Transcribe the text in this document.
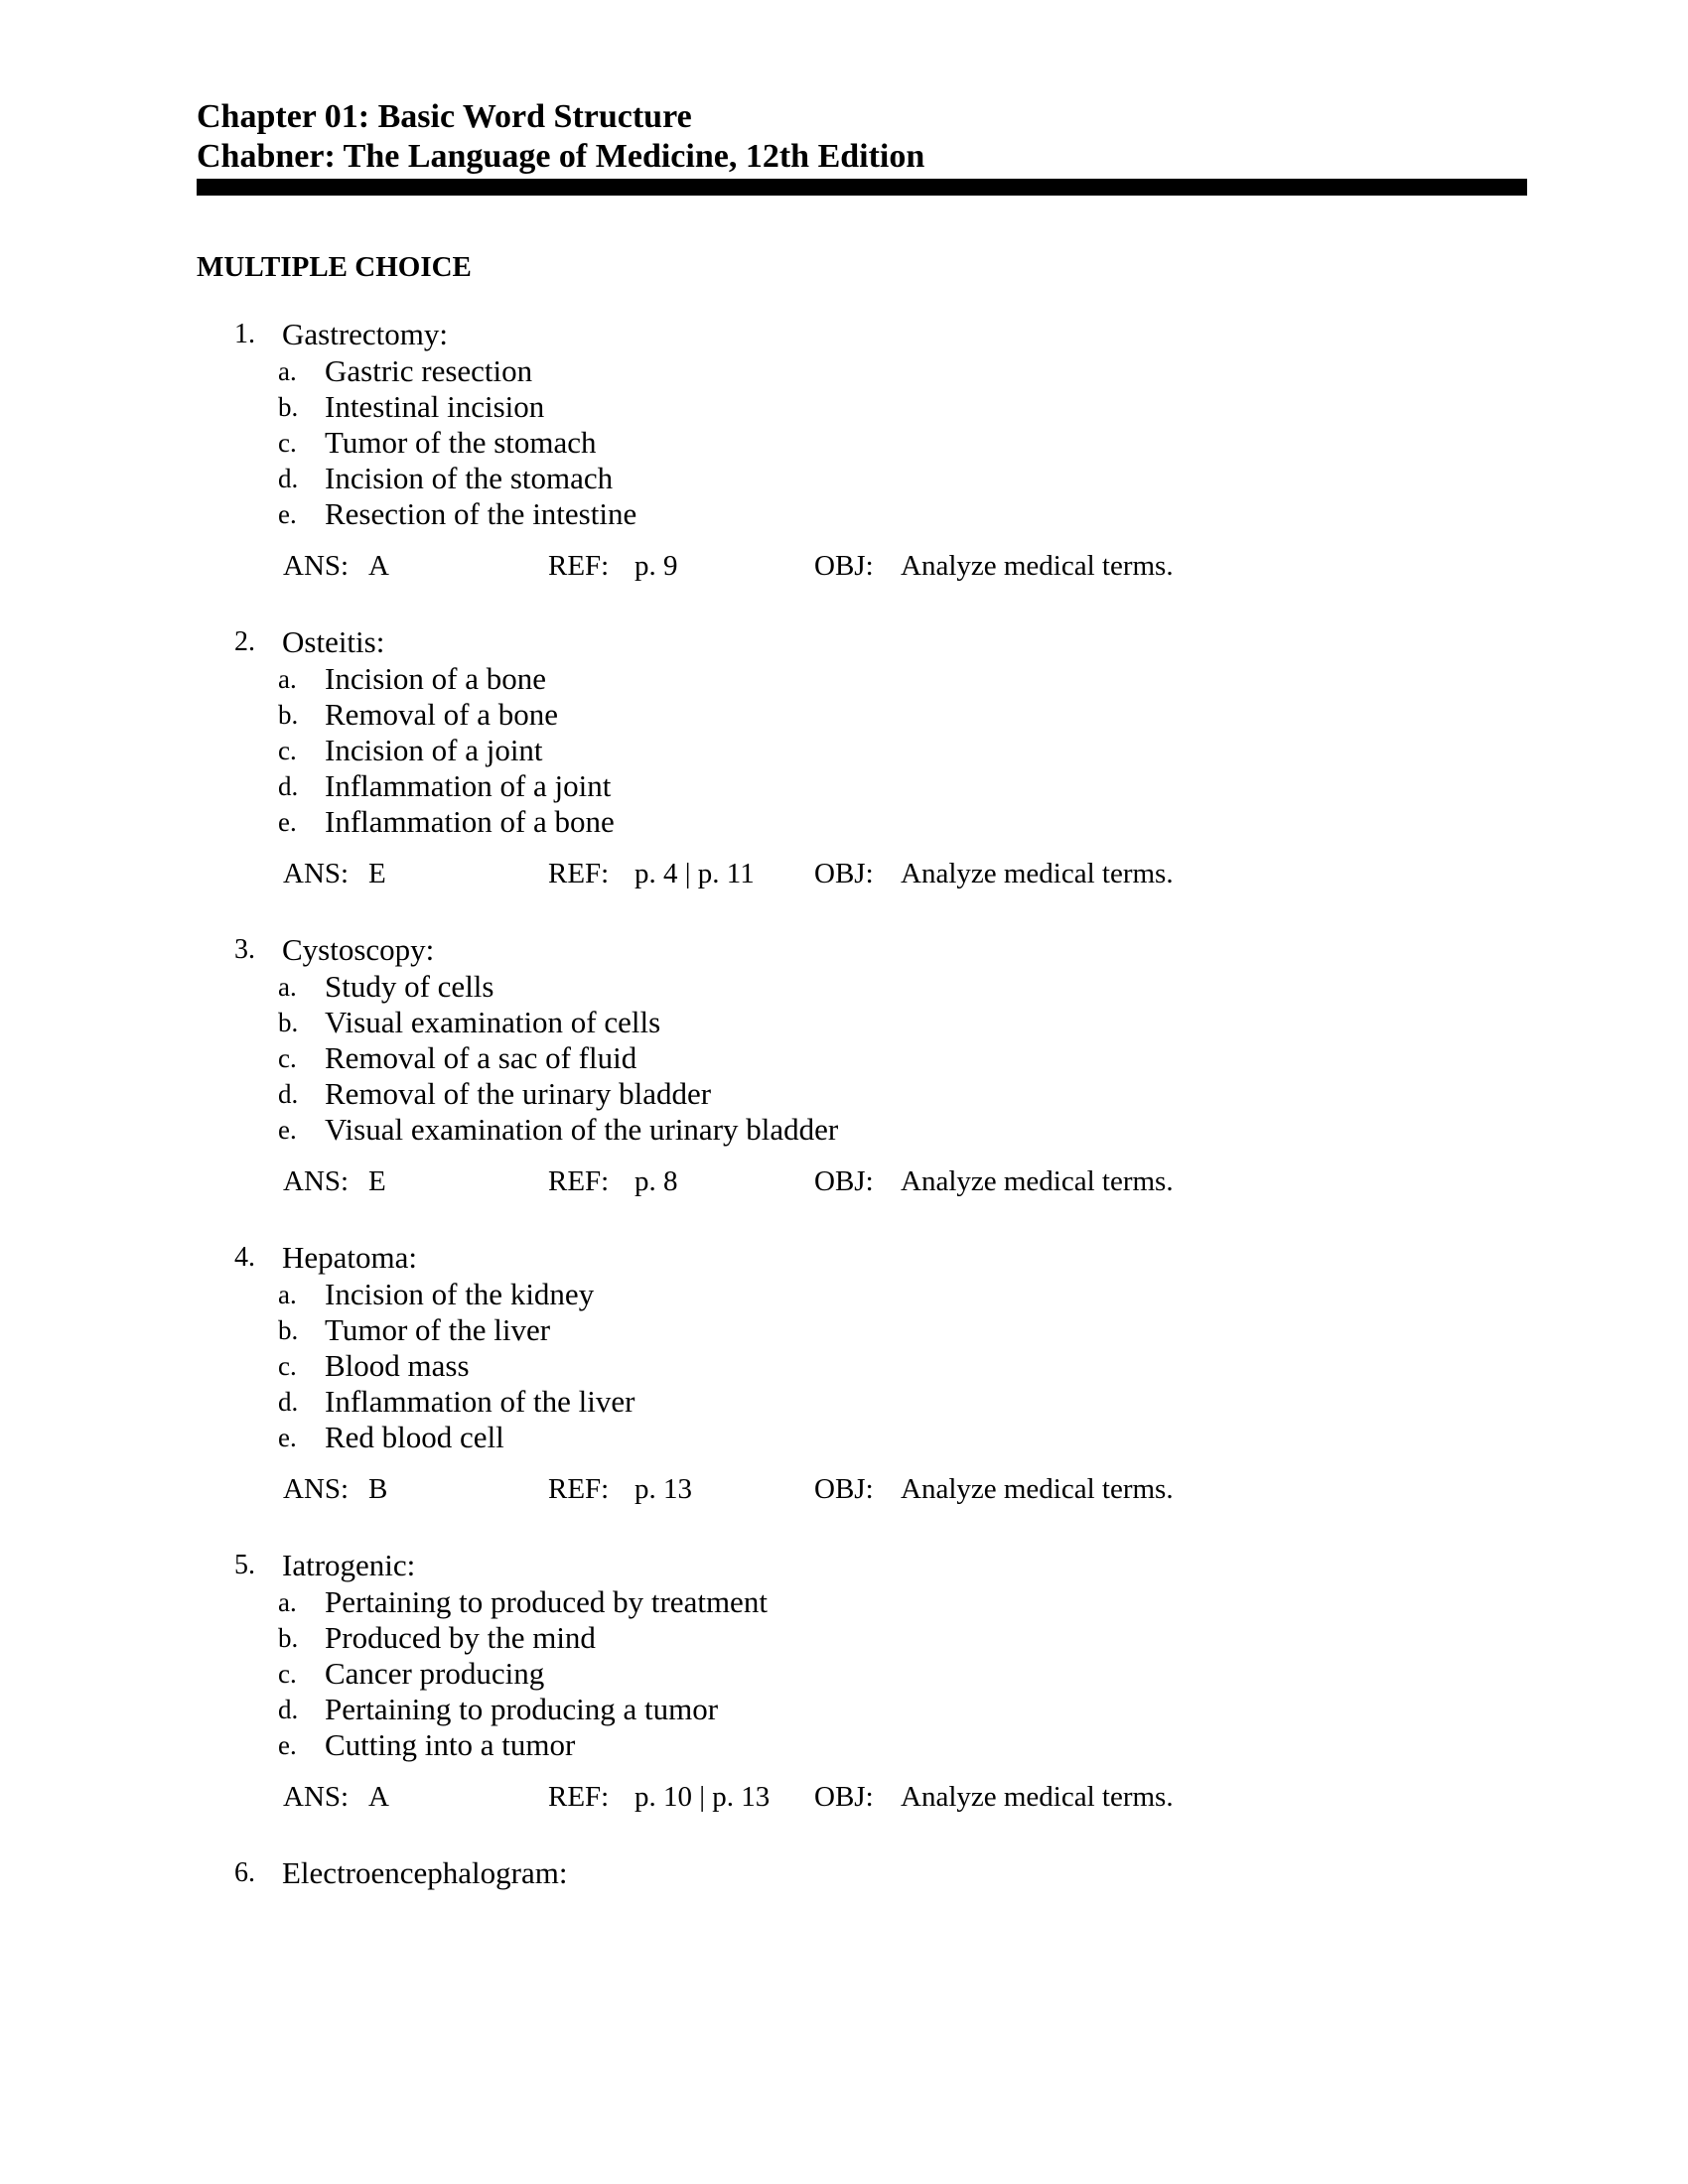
Chapter 01: Basic Word Structure
Chabner: The Language of Medicine, 12th Edition
MULTIPLE CHOICE
1. Gastrectomy:
a. Gastric resection
b. Intestinal incision
c. Tumor of the stomach
d. Incision of the stomach
e. Resection of the intestine
ANS: A	REF: p. 9	OBJ: Analyze medical terms.
2. Osteitis:
a. Incision of a bone
b. Removal of a bone
c. Incision of a joint
d. Inflammation of a joint
e. Inflammation of a bone
ANS: E	REF: p. 4 | p. 11 OBJ: Analyze medical terms.
3. Cystoscopy:
a. Study of cells
b. Visual examination of cells
c. Removal of a sac of fluid
d. Removal of the urinary bladder
e. Visual examination of the urinary bladder
ANS: E	REF: p. 8	OBJ: Analyze medical terms.
4. Hepatoma:
a. Incision of the kidney
b. Tumor of the liver
c. Blood mass
d. Inflammation of the liver
e. Red blood cell
ANS: B	REF: p. 13	OBJ: Analyze medical terms.
5. Iatrogenic:
a. Pertaining to produced by treatment
b. Produced by the mind
c. Cancer producing
d. Pertaining to producing a tumor
e. Cutting into a tumor
ANS: A	REF: p. 10 | p. 13 OBJ: Analyze medical terms.
6. Electroencephalogram:
